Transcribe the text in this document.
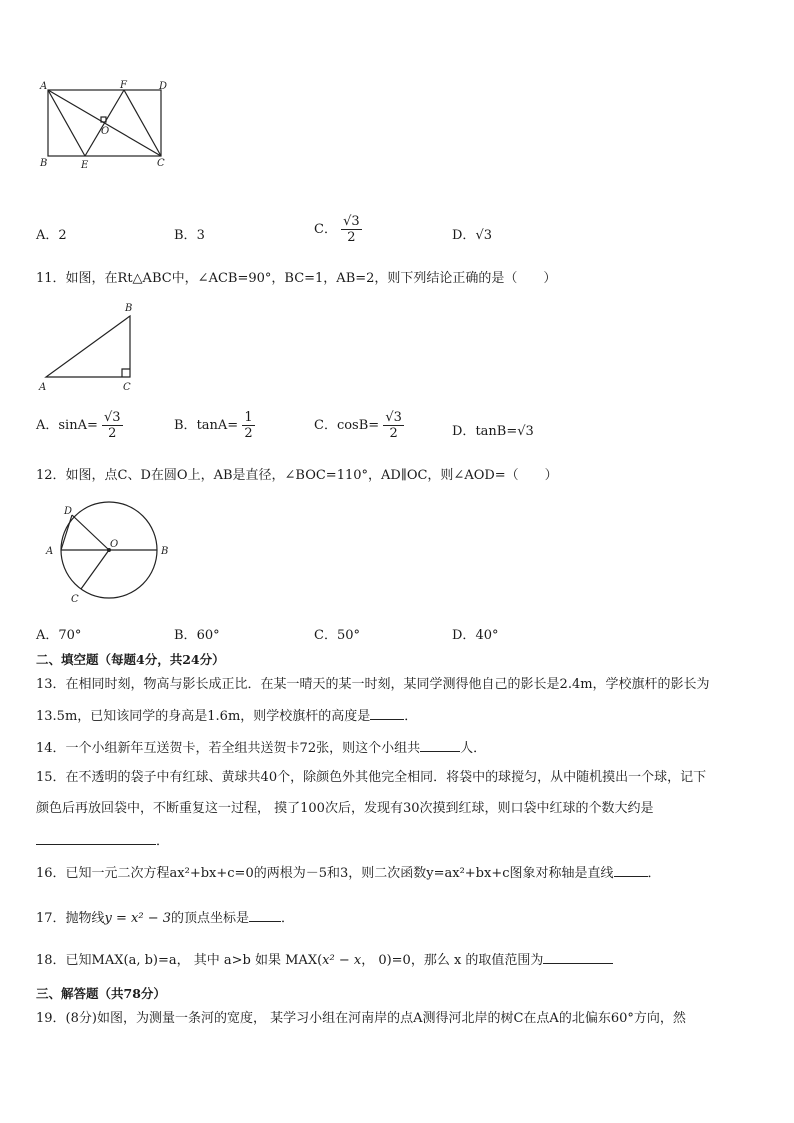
A	F	D
O
B	E	C
A．2	B．3	C． $\frac{√3}{2}$	D．√3
11．如图，在Rt△ABC中，∠ACB=90°，BC=1，AB=2，则下列结论正确的是（　　）
B
A	C
A．$\sin A= \frac{√3}{2}$	B．$\tan A= \frac{1}{2}$	C．$\cos B= \frac{√3}{2}$	D．tanB=√3
12．如图，点C、D在圆O上，AB是直径，∠BOC=110°，AD∥OC，则∠AOD=（　　）
D
A
O
B
C
A．70°	B．60°	C．50°	D．40°
二、填空题（每题4分，共24分）
13．在相同时刻，物高与影长成正比．在某一晴天的某一时刻，某同学测得他自己的影长是2.4m，学校旗杆的影长为
13.5m，已知该同学的身高是1.6m，则学校旗杆的高度是	．
14．一个小组新年互送贺卡，若全组共送贺卡72张，则这个小组共	人．
15．在不透明的袋子中有红球、黄球共40个，除颜色外其他完全相同．将袋中的球搅匀，从中随机摸出一个球，记下
颜色后再放回袋中，不断重复这一过程， 摸了100次后，发现有30次摸到红球，则口袋中红球的个数大约是
．
16．已知一元二次方程ax²+bx+c=0的两根为－5和3，则二次函数y=ax²+bx+c图象对称轴是直线	．
17．抛物线y = x² − 3的顶点坐标是 ．
18．已知MAX(a, b)=a， 其中 a>b 如果 MAX(x² − x， 0)=0，那么 x 的取值范围为
三、解答题（共78分）
19．(8分)如图，为测量一条河的宽度， 某学习小组在河南岸的点A测得河北岸的树C在点A的北偏东60°方向，然
